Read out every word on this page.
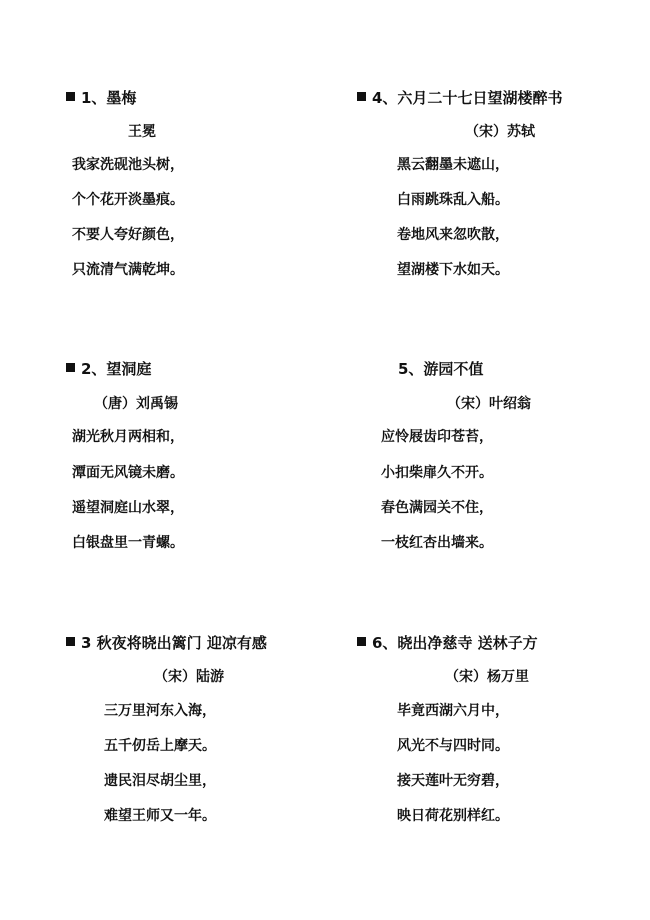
1、墨梅
王冕
我家洗砚池头树，
个个花开淡墨痕。
不要人夸好颜色，
只流清气满乾坤。
2、望洞庭
（唐）刘禹锡
湖光秋月两相和，
潭面无风镜未磨。
遥望洞庭山水翠，
白银盘里一青螺。
3 秋夜将晓出篱门 迎凉有感
（宋）陆游
三万里河东入海，
五千仞岳上摩天。
遗民泪尽胡尘里，
难望王师又一年。
4、六月二十七日望湖楼醉书
（宋）苏轼
黑云翻墨未遮山，
白雨跳珠乱入船。
卷地风来忽吹散，
望湖楼下水如天。
5、游园不值
（宋）叶绍翁
应怜屐齿印苍苔，
小扣柴扉久不开。
春色满园关不住，
一枝红杏出墙来。
6、晓出净慈寺 送林子方
（宋）杨万里
毕竟西湖六月中，
风光不与四时同。
接天莲叶无穷碧，
映日荷花别样红。
